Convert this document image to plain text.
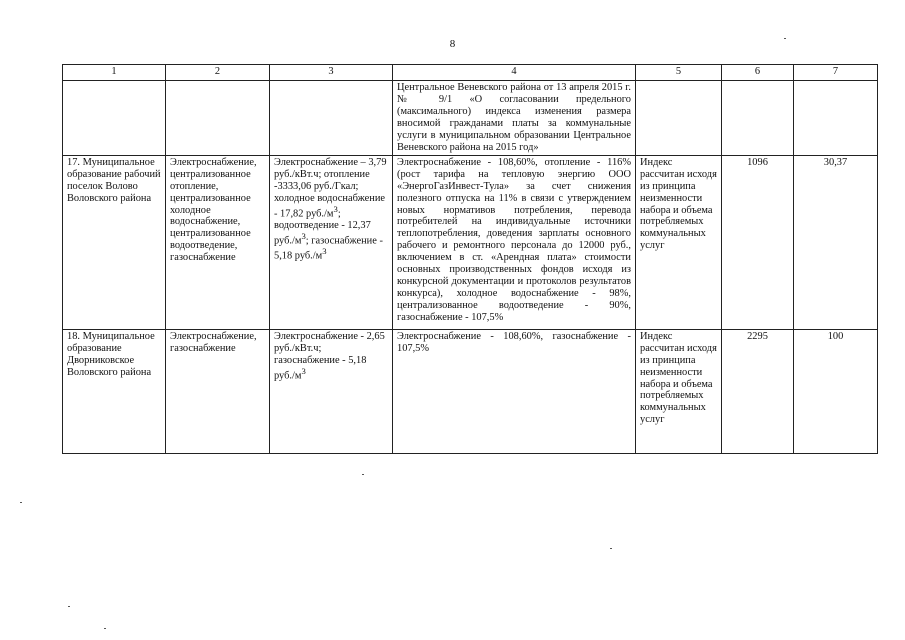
8
1	2	3	4	5	6	7
			Центральное Веневского района от 13 апреля 2015 г. № 9/1 «О согласовании предельного (максимального) индекса изменения размера вносимой гражданами платы за коммунальные услуги в муниципальном образовании Центральное Веневского района на 2015 год»			
17. Муниципальное образование рабочий поселок Волово Воловского района	Электроснабжение, централизованное отопление, централизованное холодное водоснабжение, централизованное водоотведение, газоснабжение	Электроснабжение – 3,79 руб./кВт.ч; отопление -3333,06 руб./Гкал; холодное водоснабжение - 17,82 $руб./м^3$; водоотведение - 12,37 $руб./м^3$; газоснабжение - 5,18 $руб./м^3$	Электроснабжение - 108,60%, отопление - 116% (рост тарифа на тепловую энергию ООО «ЭнергоГазИнвест-Тула» за счет снижения полезного отпуска на 11% в связи с утверждением новых нормативов потребления, перевода потребителей на индивидуальные источники теплопотребления, доведения зарплаты основного рабочего и ремонтного персонала до 12000 руб., включением в ст. «Арендная плата» стоимости основных производственных фондов исходя из конкурсной документации и протоколов результатов конкурса), холодное водоснабжение - 98%, централизованное водоотведение - 90%, газоснабжение - 107,5%	Индекс рассчитан исходя из принципа неизменности набора и объема потребляемых коммунальных услуг	1096	30,37
18. Муниципальное образование Дворниковское Воловского района	Электроснабжение, газоснабжение	Электроснабжение - 2,65 руб./кВт.ч; газоснабжение - 5,18 $руб./м^3$	Электроснабжение - 108,60%, газоснабжение - 107,5%	Индекс рассчитан исходя из принципа неизменности набора и объема потребляемых коммунальных услуг	2295	100
